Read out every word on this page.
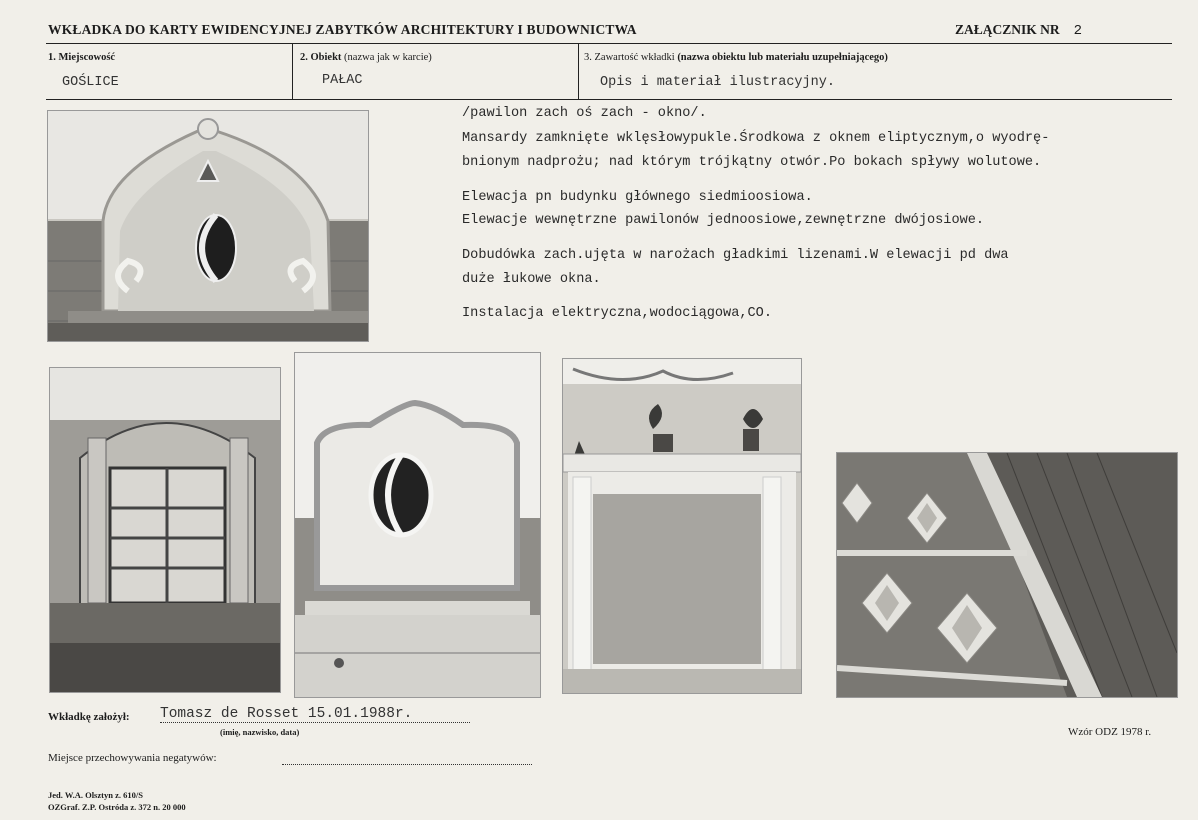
WKŁADKA DO KARTY EWIDENCYJNEJ ZABYTKÓW ARCHITEKTURY I BUDOWNICTWA	ZAŁĄCZNIK NR 2
1. Miejscowość
GOŚLICE
2. Obiekt (nazwa jak w karcie)
PAŁAC
3. Zawartość wkładki (nazwa obiektu lub materiału uzupełniającego)
Opis i materiał ilustracyjny.
/pawilon zach oś zach - okno/.
Mansardy zamknięte wklęsłowypukle.Środkowa z oknem eliptycznym,o wyodrę-
bnionym nadprożu; nad którym trójkątny otwór.Po bokach spływy wolutowe.
Elewacja pn budynku głównego siedmioosiowa.
Elewacje wewnętrzne pawilonów jednoosiowe,zewnętrzne dwójosiowe.
Dobudówka zach.ujęta w narożach gładkimi lizenami.W elewacji pd dwa
duże łukowe okna.
Instalacja elektryczna,wodociągowa,CO.
Wkładkę założył: Tomasz de Rosset 15.01.1988r.
(imię, nazwisko, data)	Wzór ODZ 1978 r.
Miejsce przechowywania negatywów:
Jed. W.A. Olsztyn z. 610/S
OZGraf. Z.P. Ostróda z. 372 n. 20 000
